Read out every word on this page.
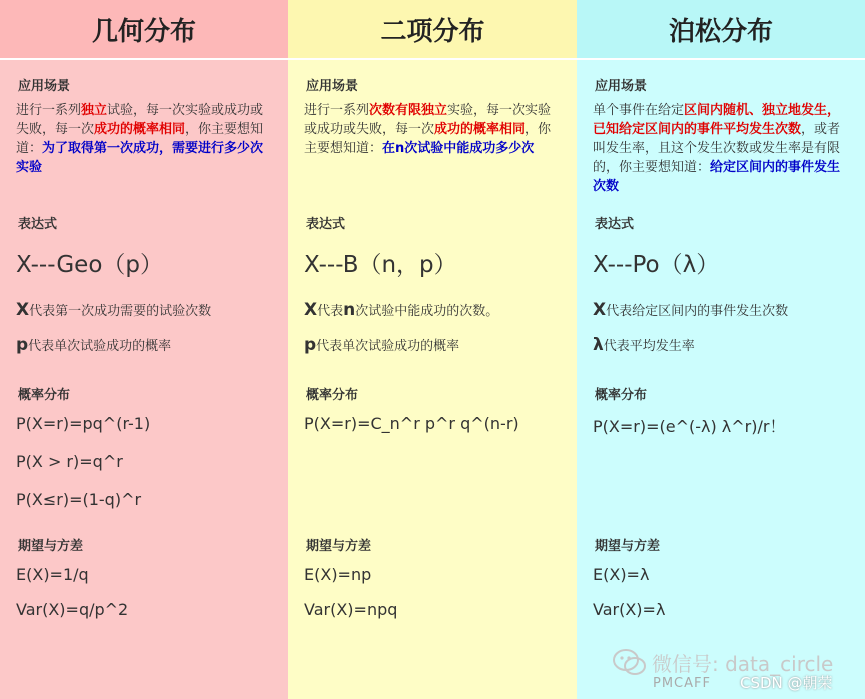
几何分布
应用场景
进行一系列独立试验，每一次实验或成功或失败，每一次成功的概率相同，你主要想知道：为了取得第一次成功，需要进行多少次实验
表达式
X---Geo（p）
X代表第一次成功需要的试验次数
p代表单次试验成功的概率
概率分布
P(X=r)=pq^(r-1)
P(X > r)=q^r
P(X≤r)=(1-q)^r
期望与方差
E(X)=1/q
Var(X)=q/p^2
二项分布
应用场景
进行一系列次数有限独立实验，每一次实验或成功或失败，每一次成功的概率相同，你主要想知道：在n次试验中能成功多少次
表达式
X---B（n，p）
X代表n次试验中能成功的次数。
p代表单次试验成功的概率
概率分布
P(X=r)=C_n^r p^r q^(n-r)
期望与方差
E(X)=np
Var(X)=npq
泊松分布
应用场景
单个事件在给定区间内随机、独立地发生，已知给定区间内的事件平均发生次数，或者叫发生率，且这个发生次数或发生率是有限的，你主要想知道：给定区间内的事件发生次数
表达式
X---Po（λ）
X代表给定区间内的事件发生次数
λ代表平均发生率
概率分布
P(X=r)=(e^(-λ) λ^r)/r！
期望与方差
E(X)=λ
Var(X)=λ
微信号: data_circle
PMCAFF CSDN @朝荣
